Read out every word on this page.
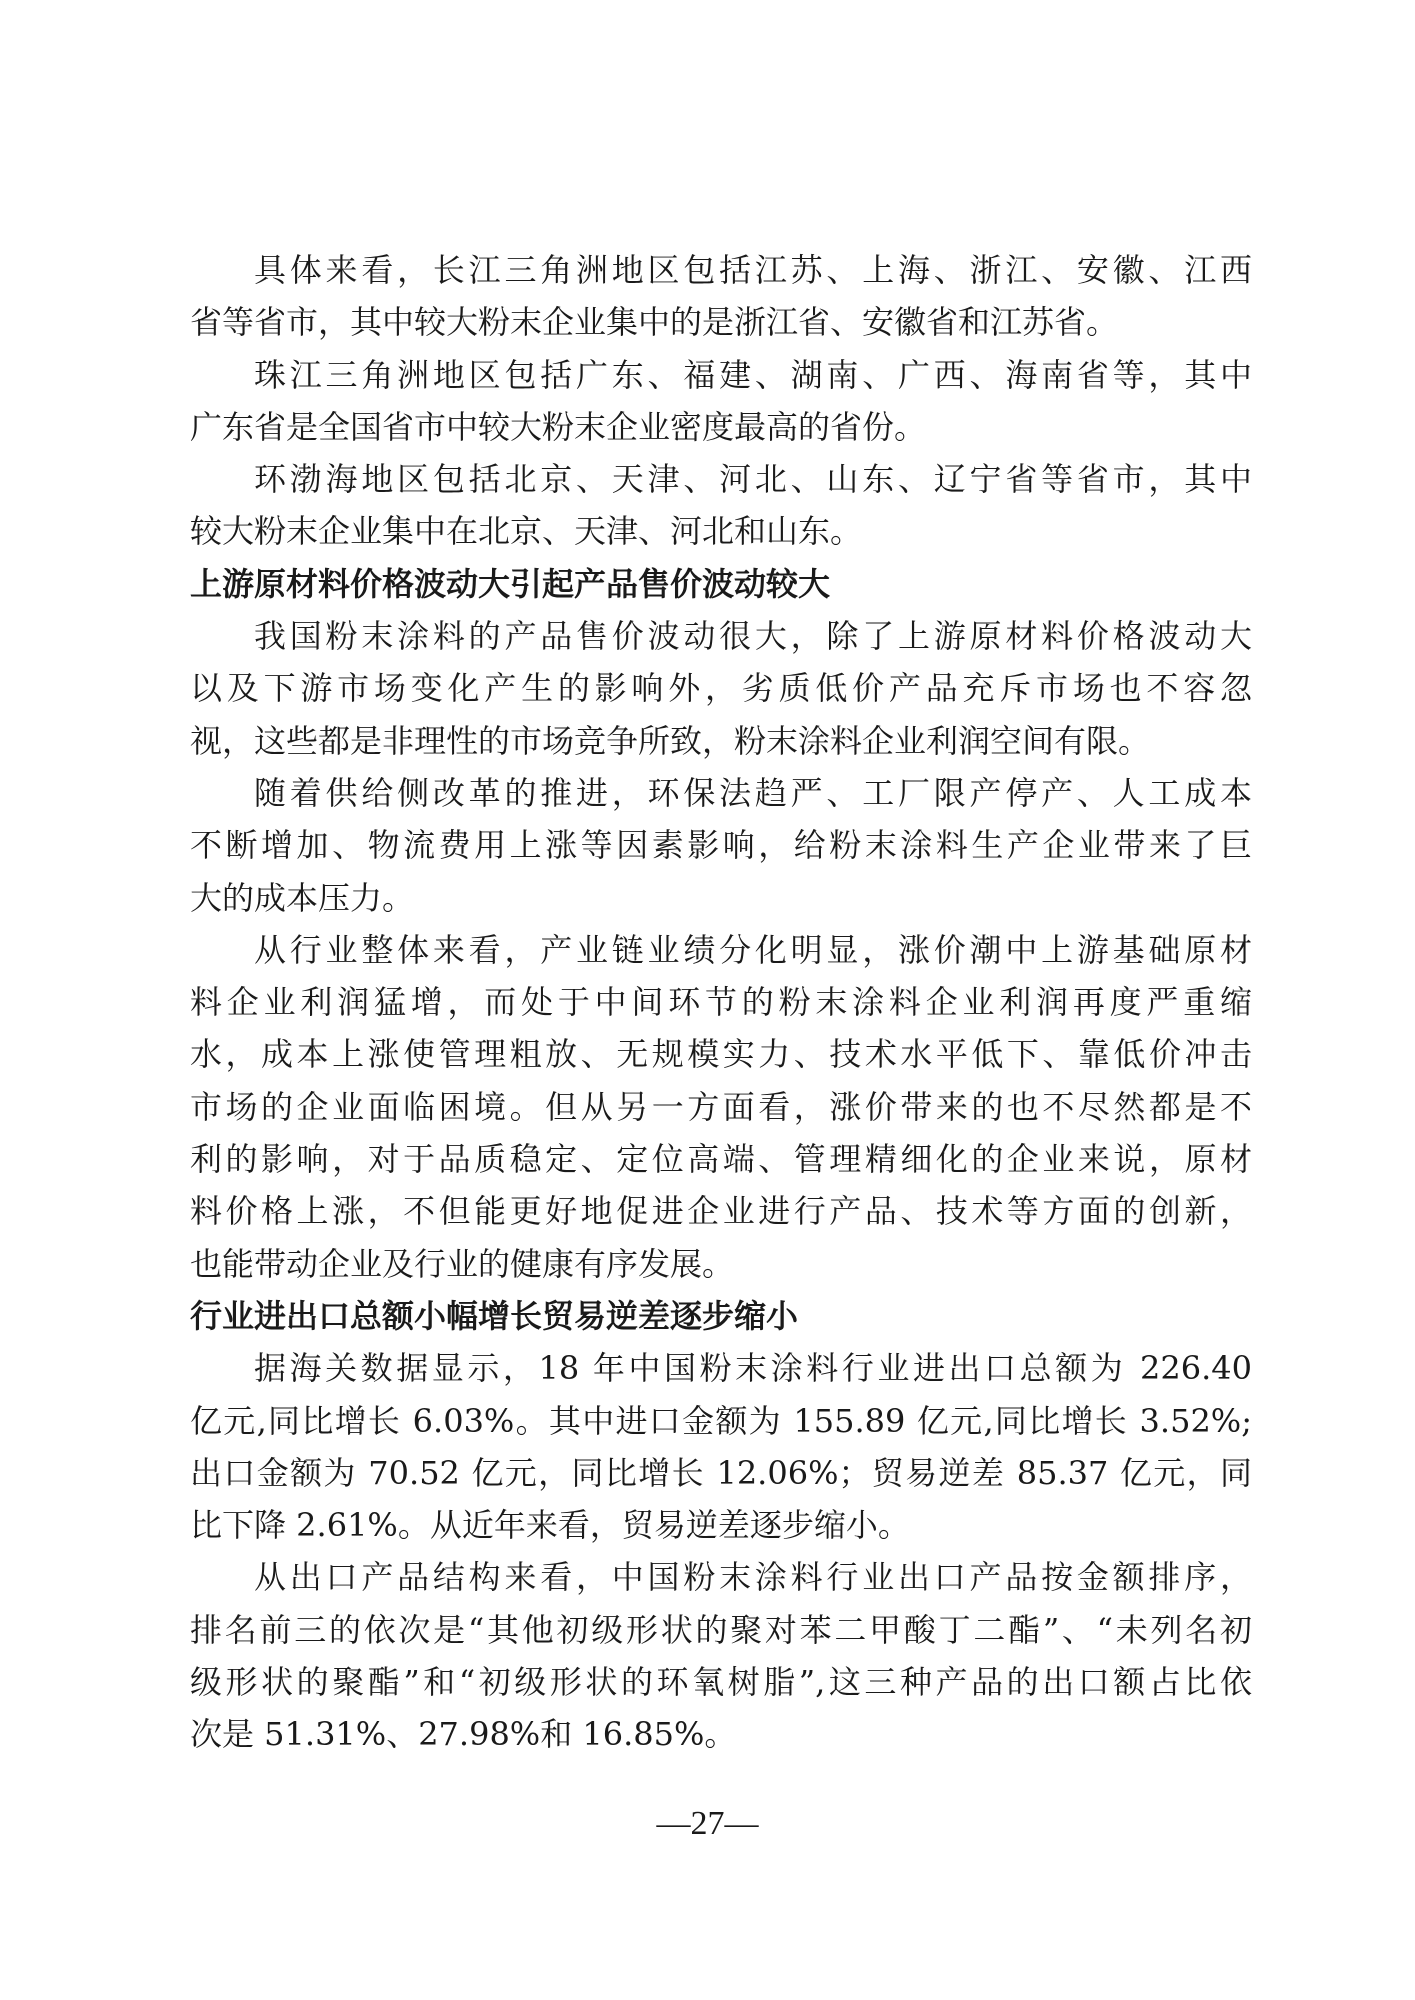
具体来看，长江三角洲地区包括江苏、上海、浙江、安徽、江西
省等省市，其中较大粉末企业集中的是浙江省、安徽省和江苏省。
珠江三角洲地区包括广东、福建、湖南、广西、海南省等，其中
广东省是全国省市中较大粉末企业密度最高的省份。
环渤海地区包括北京、天津、河北、山东、辽宁省等省市，其中
较大粉末企业集中在北京、天津、河北和山东。
上游原材料价格波动大引起产品售价波动较大
我国粉末涂料的产品售价波动很大，除了上游原材料价格波动大
以及下游市场变化产生的影响外，劣质低价产品充斥市场也不容忽
视，这些都是非理性的市场竞争所致，粉末涂料企业利润空间有限。
随着供给侧改革的推进，环保法趋严、工厂限产停产、人工成本
不断增加、物流费用上涨等因素影响，给粉末涂料生产企业带来了巨
大的成本压力。
从行业整体来看，产业链业绩分化明显，涨价潮中上游基础原材
料企业利润猛增，而处于中间环节的粉末涂料企业利润再度严重缩
水，成本上涨使管理粗放、无规模实力、技术水平低下、靠低价冲击
市场的企业面临困境。但从另一方面看，涨价带来的也不尽然都是不
利的影响，对于品质稳定、定位高端、管理精细化的企业来说，原材
料价格上涨，不但能更好地促进企业进行产品、技术等方面的创新，
也能带动企业及行业的健康有序发展。
行业进出口总额小幅增长贸易逆差逐步缩小
据海关数据显示，18 年中国粉末涂料行业进出口总额为 226.40
亿元,同比增长 6.03%。其中进口金额为 155.89 亿元,同比增长 3.52%;
出口金额为 70.52 亿元，同比增长 12.06%；贸易逆差 85.37 亿元，同
比下降 2.61%。从近年来看，贸易逆差逐步缩小。
从出口产品结构来看，中国粉末涂料行业出口产品按金额排序，
排名前三的依次是“其他初级形状的聚对苯二甲酸丁二酯”、“未列名初
级形状的聚酯”和“初级形状的环氧树脂”,这三种产品的出口额占比依
次是 51.31%、27.98%和 16.85%。
—27—
